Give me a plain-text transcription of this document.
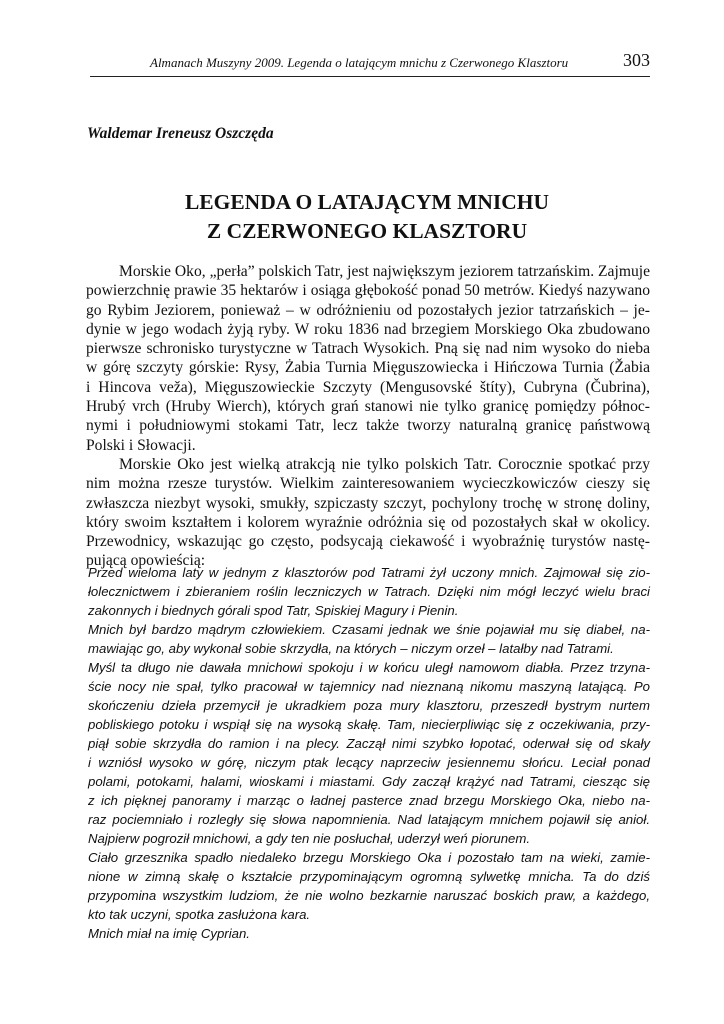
Almanach Muszyny 2009. Legenda o latającym mnichu z Czerwonego Klasztoru	303
Waldemar Ireneusz Oszczęda
LEGENDA O LATAJĄCYM MNICHU
Z CZERWONEGO KLASZTORU
Morskie Oko, „perła” polskich Tatr, jest największym jeziorem tatrzańskim. Zajmuje
powierzchnię prawie 35 hektarów i osiąga głębokość ponad 50 metrów. Kiedyś nazywano
go Rybim Jeziorem, ponieważ – w odróżnieniu od pozostałych jezior tatrzańskich – je-
dynie w jego wodach żyją ryby. W roku 1836 nad brzegiem Morskiego Oka zbudowano
pierwsze schronisko turystyczne w Tatrach Wysokich. Pną się nad nim wysoko do nieba
w górę szczyty górskie: Rysy, Żabia Turnia Mięguszowiecka i Hińczowa Turnia (Žabia
i Hincova veža), Mięguszowieckie Szczyty (Mengusovské štíty), Cubryna (Čubrina),
Hrubý vrch (Hruby Wierch), których grań stanowi nie tylko granicę pomiędzy północ-
nymi i południowymi stokami Tatr, lecz także tworzy naturalną granicę państwową
Polski i Słowacji.
Morskie Oko jest wielką atrakcją nie tylko polskich Tatr. Corocznie spotkać przy
nim można rzesze turystów. Wielkim zainteresowaniem wycieczkowiczów cieszy się
zwłaszcza niezbyt wysoki, smukły, szpiczasty szczyt, pochylony trochę w stronę doliny,
który swoim kształtem i kolorem wyraźnie odróżnia się od pozostałych skał w okolicy.
Przewodnicy, wskazując go często, podsycają ciekawość i wyobraźnię turystów nastę-
pującą opowieścią:
Przed wieloma laty w jednym z klasztorów pod Tatrami żył uczony mnich. Zajmował się zio-
łolecznictwem i zbieraniem roślin leczniczych w Tatrach. Dzięki nim mógł leczyć wielu braci
zakonnych i biednych górali spod Tatr, Spiskiej Magury i Pienin.
Mnich był bardzo mądrym człowiekiem. Czasami jednak we śnie pojawiał mu się diabeł, na-
mawiając go, aby wykonał sobie skrzydła, na których – niczym orzeł – latałby nad Tatrami.
Myśl ta długo nie dawała mnichowi spokoju i w końcu uległ namowom diabła. Przez trzyna-
ście nocy nie spał, tylko pracował w tajemnicy nad nieznaną nikomu maszyną latającą. Po
skończeniu dzieła przemycił je ukradkiem poza mury klasztoru, przeszedł bystrym nurtem
pobliskiego potoku i wspiął się na wysoką skałę. Tam, niecierpliwiąc się z oczekiwania, przy-
piął sobie skrzydła do ramion i na plecy. Zaczął nimi szybko łopotać, oderwał się od skały
i wzniósł wysoko w górę, niczym ptak lecący naprzeciw jesiennemu słońcu. Leciał ponad
polami, potokami, halami, wioskami i miastami. Gdy zaczął krążyć nad Tatrami, ciesząc się
z ich pięknej panoramy i marząc o ładnej pasterce znad brzegu Morskiego Oka, niebo na-
raz pociemniało i rozległy się słowa napomnienia. Nad latającym mnichem pojawił się anioł.
Najpierw pogroził mnichowi, a gdy ten nie posłuchał, uderzył weń piorunem.
Ciało grzesznika spadło niedaleko brzegu Morskiego Oka i pozostało tam na wieki, zamie-
nione w zimną skałę o kształcie przypominającym ogromną sylwetkę mnicha. Ta do dziś
przypomina wszystkim ludziom, że nie wolno bezkarnie naruszać boskich praw, a każdego,
kto tak uczyni, spotka zasłużona kara.
Mnich miał na imię Cyprian.
